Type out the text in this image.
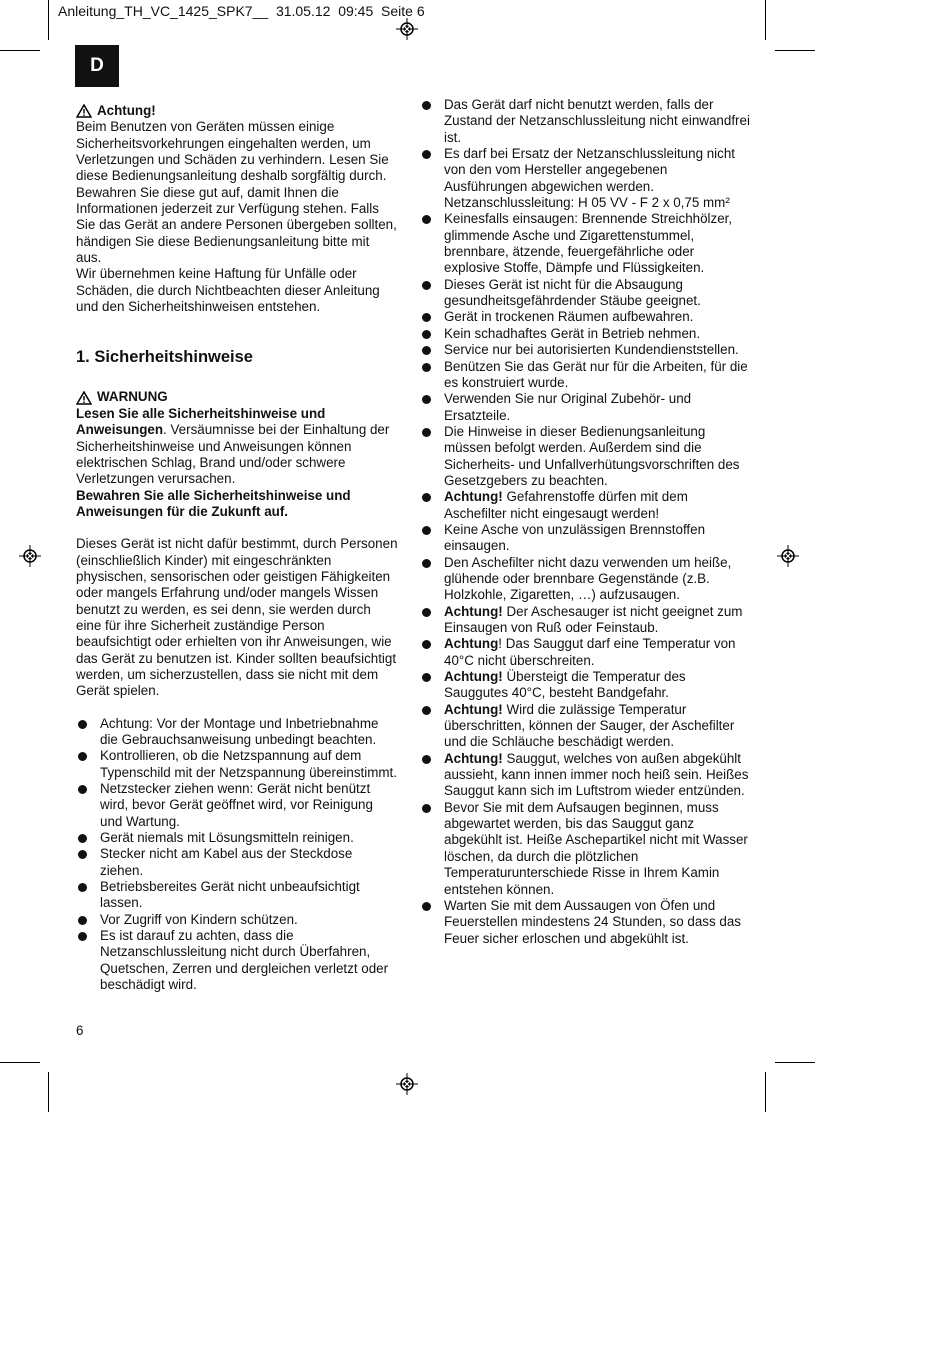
Anleitung_TH_VC_1425_SPK7__ 31.05.12 09:45 Seite 6
D
Achtung!

Beim Benutzen von Geräten müssen einige Sicherheitsvorkehrungen eingehalten werden, um Verletzungen und Schäden zu verhindern. Lesen Sie diese Bedienungsanleitung deshalb sorgfältig durch. Bewahren Sie diese gut auf, damit Ihnen die Informationen jederzeit zur Verfügung stehen. Falls Sie das Gerät an andere Personen übergeben sollten, händigen Sie diese Bedienungsanleitung bitte mit aus.

Wir übernehmen keine Haftung für Unfälle oder Schäden, die durch Nichtbeachten dieser Anleitung und den Sicherheitshinweisen entstehen.

1. Sicherheitshinweise
WARNUNG

Lesen Sie alle Sicherheitshinweise und Anweisungen. Versäumnisse bei der Einhaltung der Sicherheitshinweise und Anweisungen können elektrischen Schlag, Brand und/oder schwere Verletzungen verursachen.

Bewahren Sie alle Sicherheitshinweise und Anweisungen für die Zukunft auf.

Dieses Gerät ist nicht dafür bestimmt, durch Personen (einschließlich Kinder) mit eingeschränkten physischen, sensorischen oder geistigen Fähigkeiten oder mangels Erfahrung und/oder mangels Wissen benutzt zu werden, es sei denn, sie werden durch eine für ihre Sicherheit zuständige Person beaufsichtigt oder erhielten von ihr Anweisungen, wie das Gerät zu benutzen ist. Kinder sollten beaufsichtigt werden, um sicherzustellen, dass sie nicht mit dem Gerät spielen.

Achtung: Vor der Montage und Inbetriebnahme die Gebrauchsanweisung unbedingt beachten.
Kontrollieren, ob die Netzspannung auf dem Typenschild mit der Netzspannung übereinstimmt.
Netzstecker ziehen wenn: Gerät nicht benützt wird, bevor Gerät geöffnet wird, vor Reinigung und Wartung.
Gerät niemals mit Lösungsmitteln reinigen.
Stecker nicht am Kabel aus der Steckdose ziehen.
Betriebsbereites Gerät nicht unbeaufsichtigt lassen.
Vor Zugriff von Kindern schützen.
Es ist darauf zu achten, dass die Netzanschlussleitung nicht durch Überfahren, Quetschen, Zerren und dergleichen verletzt oder beschädigt wird.
Das Gerät darf nicht benutzt werden, falls der Zustand der Netzanschlussleitung nicht einwandfrei ist.
Es darf bei Ersatz der Netzanschlussleitung nicht von den vom Hersteller angegebenen Ausführungen abgewichen werden. Netzanschlussleitung: H 05 VV - F 2 x 0,75 mm²
Keinesfalls einsaugen: Brennende Streichhölzer, glimmende Asche und Zigarettenstummel, brennbare, ätzende, feuergefährliche oder explosive Stoffe, Dämpfe und Flüssigkeiten.
Dieses Gerät ist nicht für die Absaugung gesundheitsgefährdender Stäube geeignet.
Gerät in trockenen Räumen aufbewahren.
Kein schadhaftes Gerät in Betrieb nehmen.
Service nur bei autorisierten Kundendienststellen.
Benützen Sie das Gerät nur für die Arbeiten, für die es konstruiert wurde.
Verwenden Sie nur Original Zubehör- und Ersatzteile.
Die Hinweise in dieser Bedienungsanleitung müssen befolgt werden. Außerdem sind die Sicherheits- und Unfallverhütungsvorschriften des Gesetzgebers zu beachten.
Achtung! Gefahrenstoffe dürfen mit dem Aschefilter nicht eingesaugt werden!
Keine Asche von unzulässigen Brennstoffen einsaugen.
Den Aschefilter nicht dazu verwenden um heiße, glühende oder brennbare Gegenstände (z.B. Holzkohle, Zigaretten, …) aufzusaugen.
Achtung! Der Aschesauger ist nicht geeignet zum Einsaugen von Ruß oder Feinstaub.
Achtung! Das Sauggut darf eine Temperatur von 40°C nicht überschreiten.
Achtung! Übersteigt die Temperatur des Sauggutes 40°C, besteht Bandgefahr.
Achtung! Wird die zulässige Temperatur überschritten, können der Sauger, der Aschefilter und die Schläuche beschädigt werden.
Achtung! Sauggut, welches von außen abgekühlt aussieht, kann innen immer noch heiß sein. Heißes Sauggut kann sich im Luftstrom wieder entzünden.
Bevor Sie mit dem Aufsaugen beginnen, muss abgewartet werden, bis das Sauggut ganz abgekühlt ist. Heiße Aschepartikel nicht mit Wasser löschen, da durch die plötzlichen Temperaturunterschiede Risse in Ihrem Kamin entstehen können.
Warten Sie mit dem Aussaugen von Öfen und Feuerstellen mindestens 24 Stunden, so dass das Feuer sicher erloschen und abgekühlt ist.
6
